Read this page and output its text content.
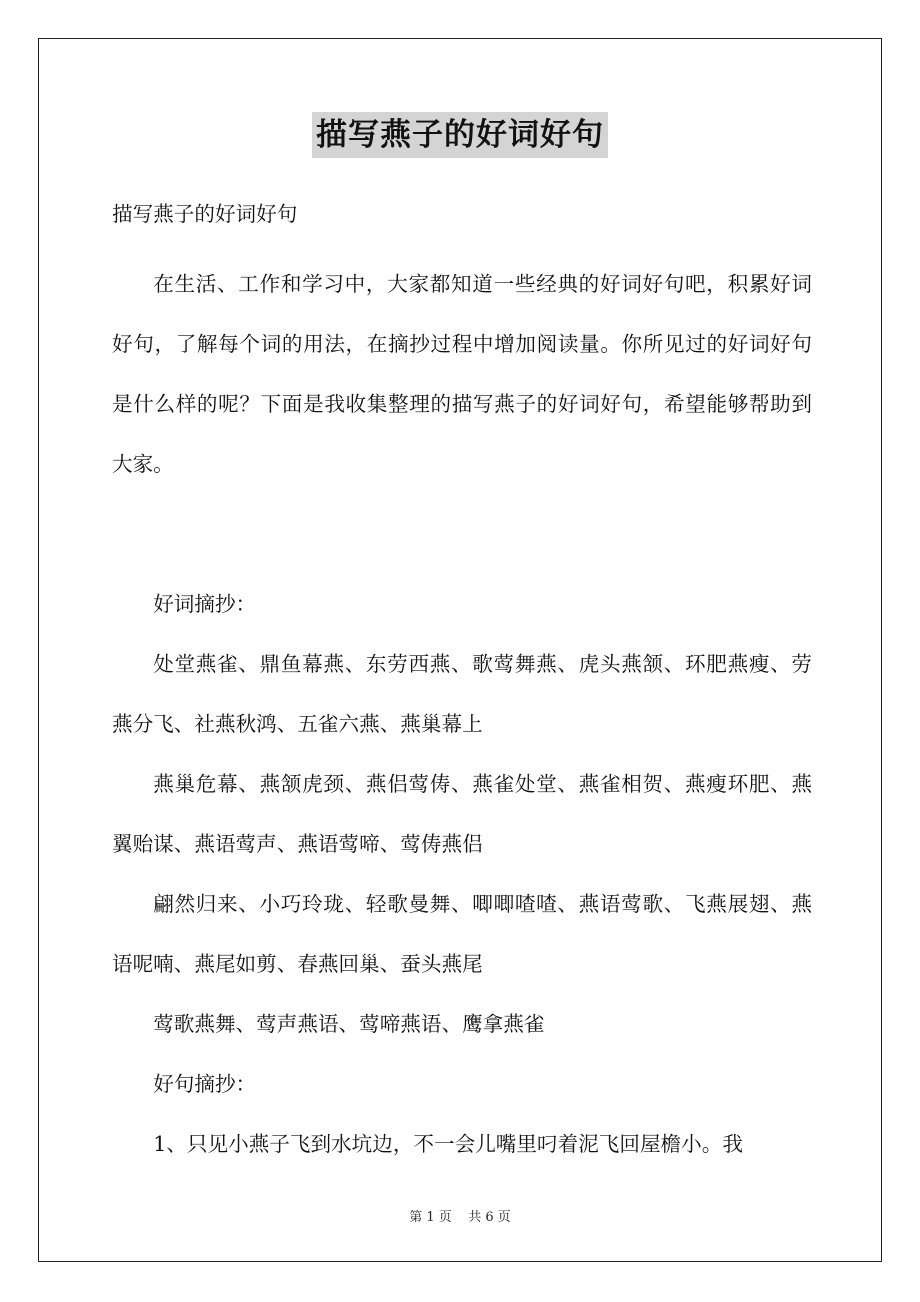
描写燕子的好词好句

描写燕子的好词好句

在生活、工作和学习中，大家都知道一些经典的好词好句吧，积累好词好句，了解每个词的用法，在摘抄过程中增加阅读量。你所见过的好词好句是什么样的呢？下面是我收集整理的描写燕子的好词好句，希望能够帮助到大家。

好词摘抄：

处堂燕雀、鼎鱼幕燕、东劳西燕、歌莺舞燕、虎头燕颔、环肥燕瘦、劳燕分飞、社燕秋鸿、五雀六燕、燕巢幕上

燕巢危幕、燕颔虎颈、燕侣莺俦、燕雀处堂、燕雀相贺、燕瘦环肥、燕翼贻谋、燕语莺声、燕语莺啼、莺俦燕侣

翩然归来、小巧玲珑、轻歌曼舞、唧唧喳喳、燕语莺歌、飞燕展翅、燕语呢喃、燕尾如剪、春燕回巢、蚕头燕尾

莺歌燕舞、莺声燕语、莺啼燕语、鹰拿燕雀

好句摘抄：

1、只见小燕子飞到水坑边，不一会儿嘴里叼着泥飞回屋檐小。我

第 1 页    共 6 页
